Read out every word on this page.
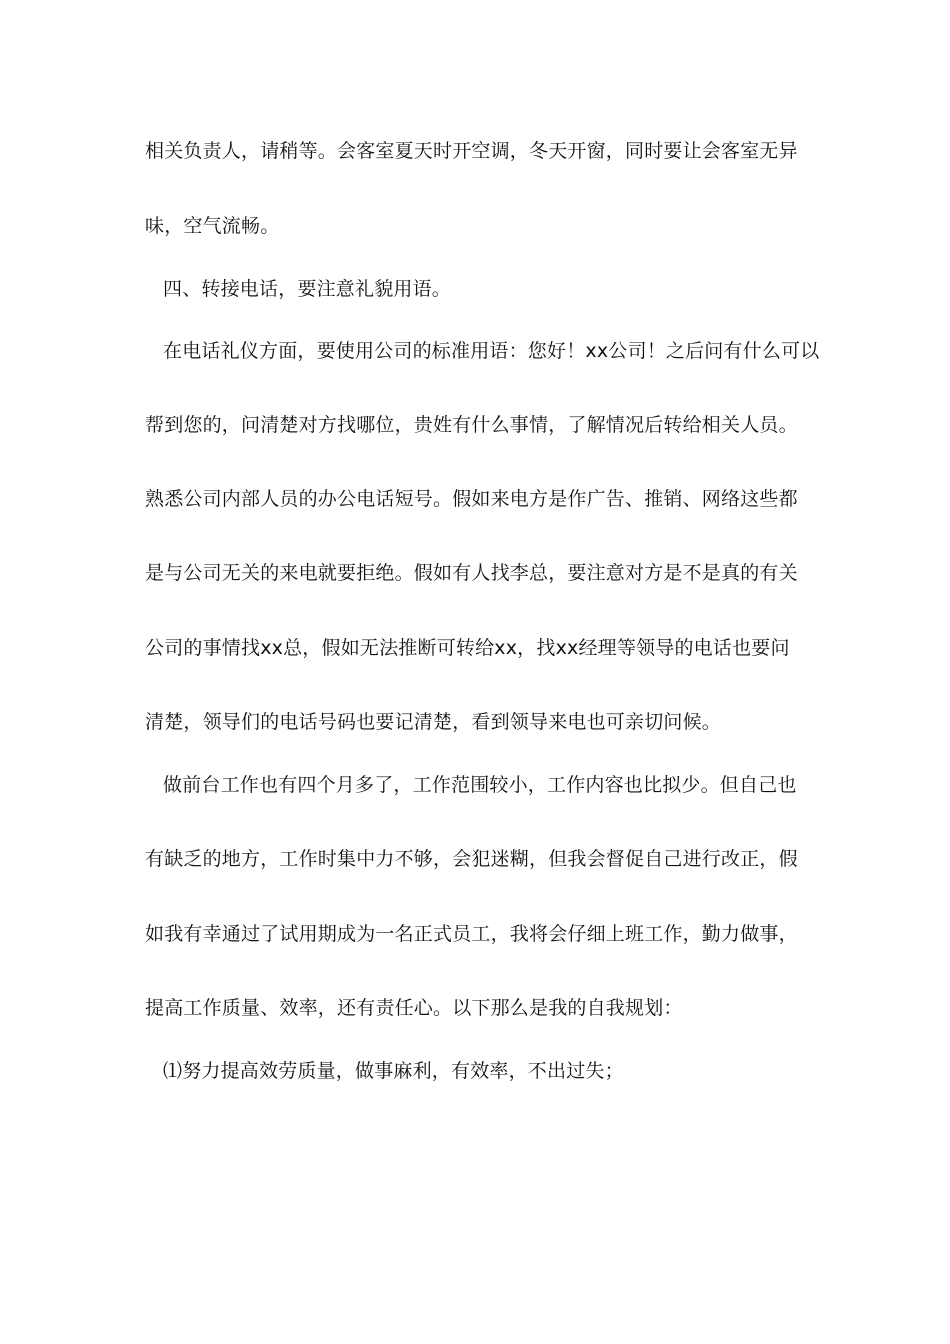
相关负责人，请稍等。会客室夏天时开空调，冬天开窗，同时要让会客室无异
味，空气流畅。
四、转接电话，要注意礼貌用语。
在电话礼仪方面，要使用公司的标准用语：您好！xx公司！之后问有什么可以
帮到您的，问清楚对方找哪位，贵姓有什么事情，了解情况后转给相关人员。
熟悉公司内部人员的办公电话短号。假如来电方是作广告、推销、网络这些都
是与公司无关的来电就要拒绝。假如有人找李总，要注意对方是不是真的有关
公司的事情找xx总，假如无法推断可转给xx，找xx经理等领导的电话也要问
清楚，领导们的电话号码也要记清楚，看到领导来电也可亲切问候。
做前台工作也有四个月多了，工作范围较小，工作内容也比拟少。但自己也
有缺乏的地方，工作时集中力不够，会犯迷糊，但我会督促自己进行改正，假
如我有幸通过了试用期成为一名正式员工，我将会仔细上班工作，勤力做事，
提高工作质量、效率，还有责任心。以下那么是我的自我规划：
⑴努力提高效劳质量，做事麻利，有效率，不出过失；
